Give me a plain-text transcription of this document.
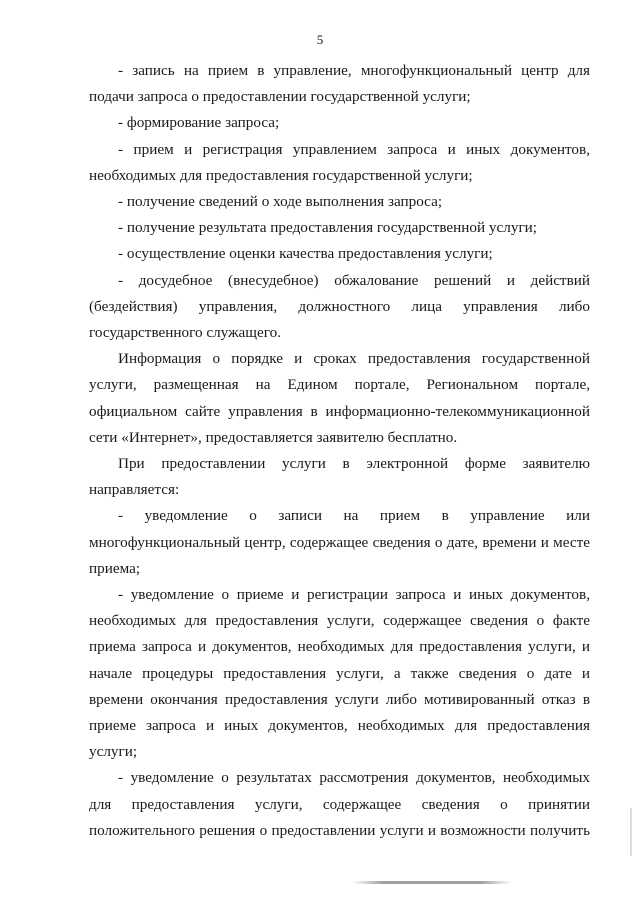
5

- запись на прием в управление, многофункциональный центр для подачи запроса о предоставлении государственной услуги;

- формирование запроса;

- прием и регистрация управлением запроса и иных документов, необходимых для предоставления государственной услуги;

- получение сведений о ходе выполнения запроса;

- получение результата предоставления государственной услуги;

- осуществление оценки качества предоставления услуги;

- досудебное (внесудебное) обжалование решений и действий (бездействия) управления, должностного лица управления либо государственного служащего.

Информация о порядке и сроках предоставления государственной услуги, размещенная на Едином портале, Региональном портале, официальном сайте управления в информационно-телекоммуникационной сети «Интернет», предоставляется заявителю бесплатно.

При предоставлении услуги в электронной форме заявителю направляется:

- уведомление о записи на прием в управление или многофункциональный центр, содержащее сведения о дате, времени и месте приема;

- уведомление о приеме и регистрации запроса и иных документов, необходимых для предоставления услуги, содержащее сведения о факте приема запроса и документов, необходимых для предоставления услуги, и начале процедуры предоставления услуги, а также сведения о дате и времени окончания предоставления услуги либо мотивированный отказ в приеме запроса и иных документов, необходимых для предоставления услуги;

- уведомление о результатах рассмотрения документов, необходимых для предоставления услуги, содержащее сведения о принятии положительного решения о предоставлении услуги и возможности получить
